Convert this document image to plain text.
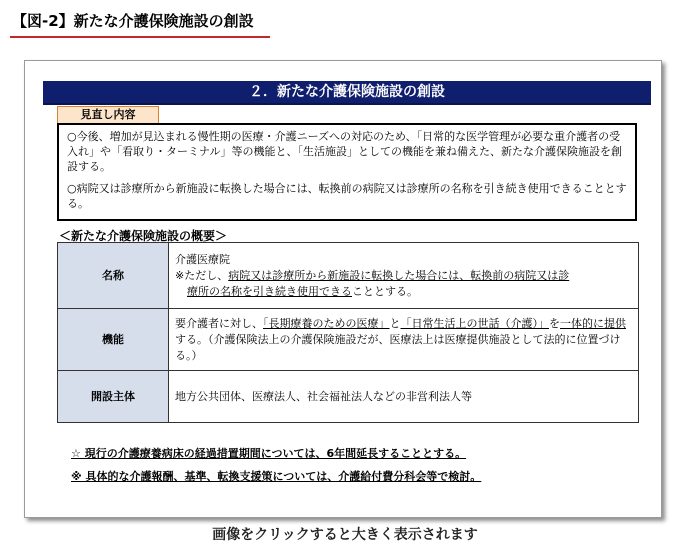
【図-2】新たな介護保険施設の創設
２．新たな介護保険施設の創設
見直し内容

○今後、増加が見込まれる慢性期の医療・介護ニーズへの対応のため、「日常的な医学管理が必要な重介護者の受入れ」や「看取り・ターミナル」等の機能と、「生活施設」としての機能を兼ね備えた、新たな介護保険施設を創設する。

○病院又は診療所から新施設に転換した場合には、転換前の病院又は診療所の名称を引き続き使用できることとする。

＜新たな介護保険施設の概要＞
名称	介護医療院
※ただし、病院又は診療所から新施設に転換した場合には、転換前の病院又は診
療所の名称を引き続き使用できることとする。

機能	要介護者に対し、「長期療養のための医療」と「日常生活上の世話（介護）」を一体的に提供する。（介護保険法上の介護保険施設だが、医療法上は医療提供施設として法的に位置づける。）
開設主体	地方公共団体、医療法人、社会福祉法人などの非営利法人等
☆ 現行の介護療養病床の経過措置期間については、6年間延長することとする。
※ 具体的な介護報酬、基準、転換支援策については、介護給付費分科会等で検討。
画像をクリックすると大きく表示されます
